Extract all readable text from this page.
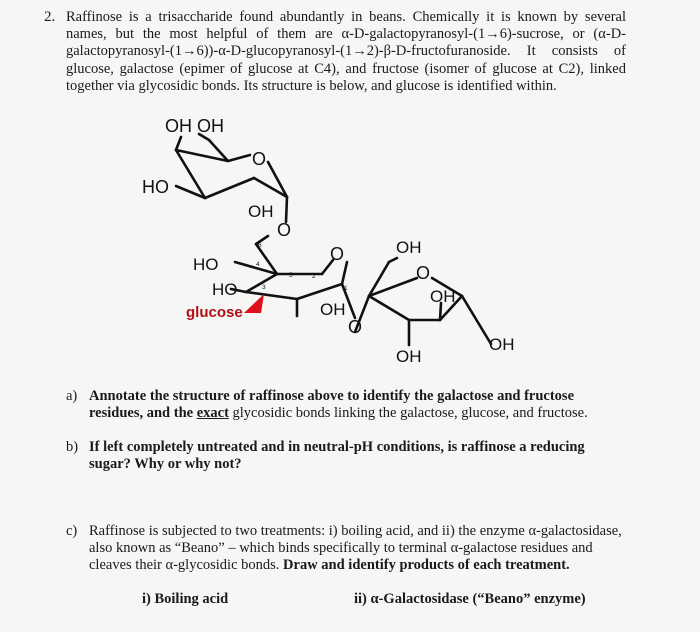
2. Raffinose is a trisaccharide found abundantly in beans. Chemically it is known by several names, but the most helpful of them are α-D-galactopyranosyl-(1→6)-sucrose, or (α-D-galactopyranosyl-(1→6))-α-D-glucopyranosyl-(1→2)-β-D-fructofuranoside. It consists of glucose, galactose (epimer of glucose at C4), and fructose (isomer of glucose at C2), linked together via glycosidic bonds. Its structure is below, and glucose is identified within.
OH OH
HO
O
OH
O
HO
HO
O
OH
O
OH
O
OH
OH
OH
6
4
3
5	2
1
glucose
a) Annotate the structure of raffinose above to identify the galactose and fructose residues, and the exact glycosidic bonds linking the galactose, glucose, and fructose.
b) If left completely untreated and in neutral-pH conditions, is raffinose a reducing sugar? Why or why not?
c) Raffinose is subjected to two treatments: i) boiling acid, and ii) the enzyme α-galactosidase, also known as “Beano” – which binds specifically to terminal α-galactose residues and cleaves their α-glycosidic bonds. Draw and identify products of each treatment.
i) Boiling acid	ii) α-Galactosidase (“Beano” enzyme)
